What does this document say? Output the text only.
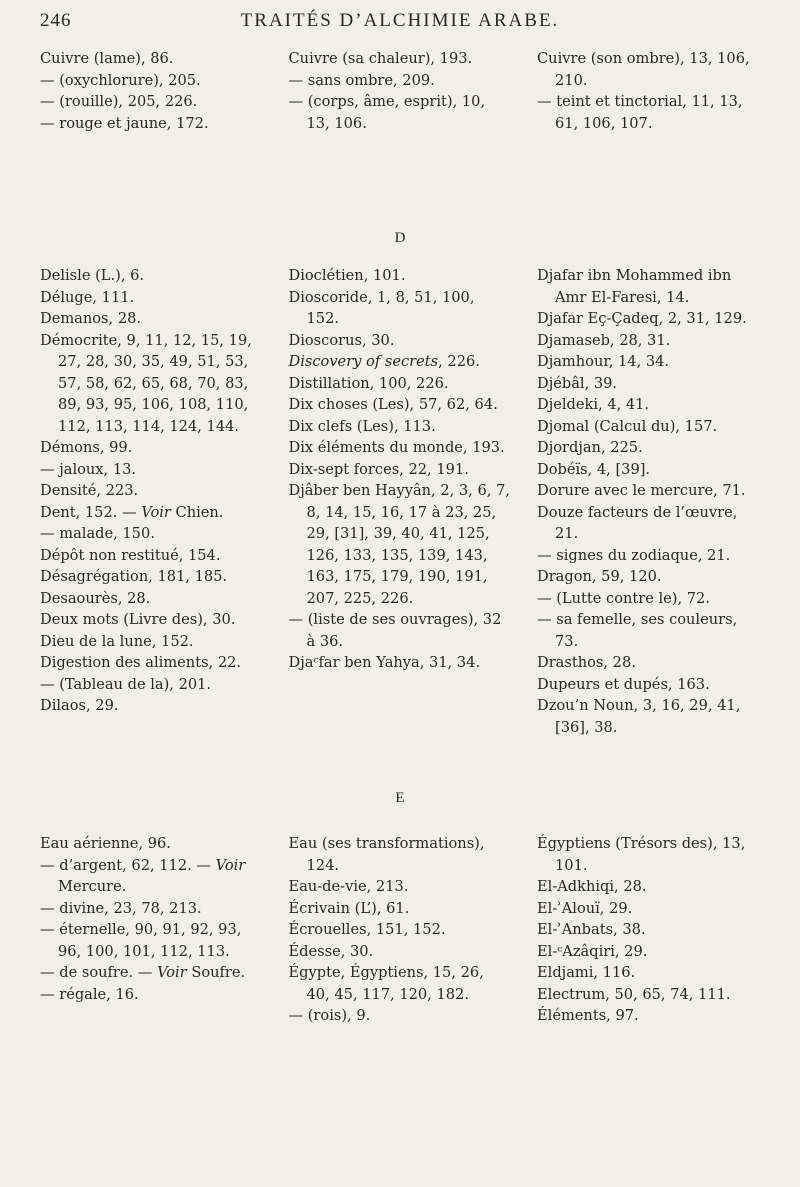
246	TRAITÉS D’ALCHIMIE ARABE.
Cuivre (lame), 86.
— (oxychlorure), 205.
— (rouille), 205, 226.
— rouge et jaune, 172.
Cuivre (sa chaleur), 193.
— sans ombre, 209.
— (corps, âme, esprit), 10, 13, 106.
Cuivre (son ombre), 13, 106, 210.
— teint et tinctorial, 11, 13, 61, 106, 107.
D
Delisle (L.), 6.
Déluge, 111.
Demanos, 28.
Démocrite, 9, 11, 12, 15, 19, 27, 28, 30, 35, 49, 51, 53, 57, 58, 62, 65, 68, 70, 83, 89, 93, 95, 106, 108, 110, 112, 113, 114, 124, 144.
Démons, 99.
— jaloux, 13.
Densité, 223.
Dent, 152. — Voir Chien.
— malade, 150.
Dépôt non restitué, 154.
Désagrégation, 181, 185.
Desaourès, 28.
Deux mots (Livre des), 30.
Dieu de la lune, 152.
Digestion des aliments, 22.
— (Tableau de la), 201.
Dilaos, 29.
Dioclétien, 101.
Dioscoride, 1, 8, 51, 100, 152.
Dioscorus, 30.
Discovery of secrets, 226.
Distillation, 100, 226.
Dix choses (Les), 57, 62, 64.
Dix clefs (Les), 113.
Dix éléments du monde, 193.
Dix-sept forces, 22, 191.
Djâber ben Hayyân, 2, 3, 6, 7, 8, 14, 15, 16, 17 à 23, 25, 29, [31], 39, 40, 41, 125, 126, 133, 135, 139, 143, 163, 175, 179, 190, 191, 207, 225, 226.
— (liste de ses ouvrages), 32 à 36.
Djaᶜfar ben Yahya, 31, 34.
Djafar ibn Mohammed ibn Amr El-Faresi, 14.
Djafar Eç-Çadeq, 2, 31, 129.
Djamaseb, 28, 31.
Djamhour, 14, 34.
Djébâl, 39.
Djeldeki, 4, 41.
Djomal (Calcul du), 157.
Djordjan, 225.
Dobéïs, 4, [39].
Dorure avec le mercure, 71.
Douze facteurs de l’œuvre, 21.
— signes du zodiaque, 21.
Dragon, 59, 120.
— (Lutte contre le), 72.
— sa femelle, ses couleurs, 73.
Drasthos, 28.
Dupeurs et dupés, 163.
Dzou’n Noun, 3, 16, 29, 41, [36], 38.
E
Eau aérienne, 96.
— d’argent, 62, 112. — Voir Mercure.
— divine, 23, 78, 213.
— éternelle, 90, 91, 92, 93, 96, 100, 101, 112, 113.
— de soufre. — Voir Soufre.
— régale, 16.
Eau (ses transformations), 124.
Eau-de-vie, 213.
Écrivain (L’), 61.
Écrouelles, 151, 152.
Édesse, 30.
Égypte, Égyptiens, 15, 26, 40, 45, 117, 120, 182.
— (rois), 9.
Égyptiens (Trésors des), 13, 101.
El-Adkhiqi, 28.
El-ʾAlouï, 29.
El-ʾAnbats, 38.
El-ᶜAzâqiri, 29.
Eldjami, 116.
Electrum, 50, 65, 74, 111.
Éléments, 97.
